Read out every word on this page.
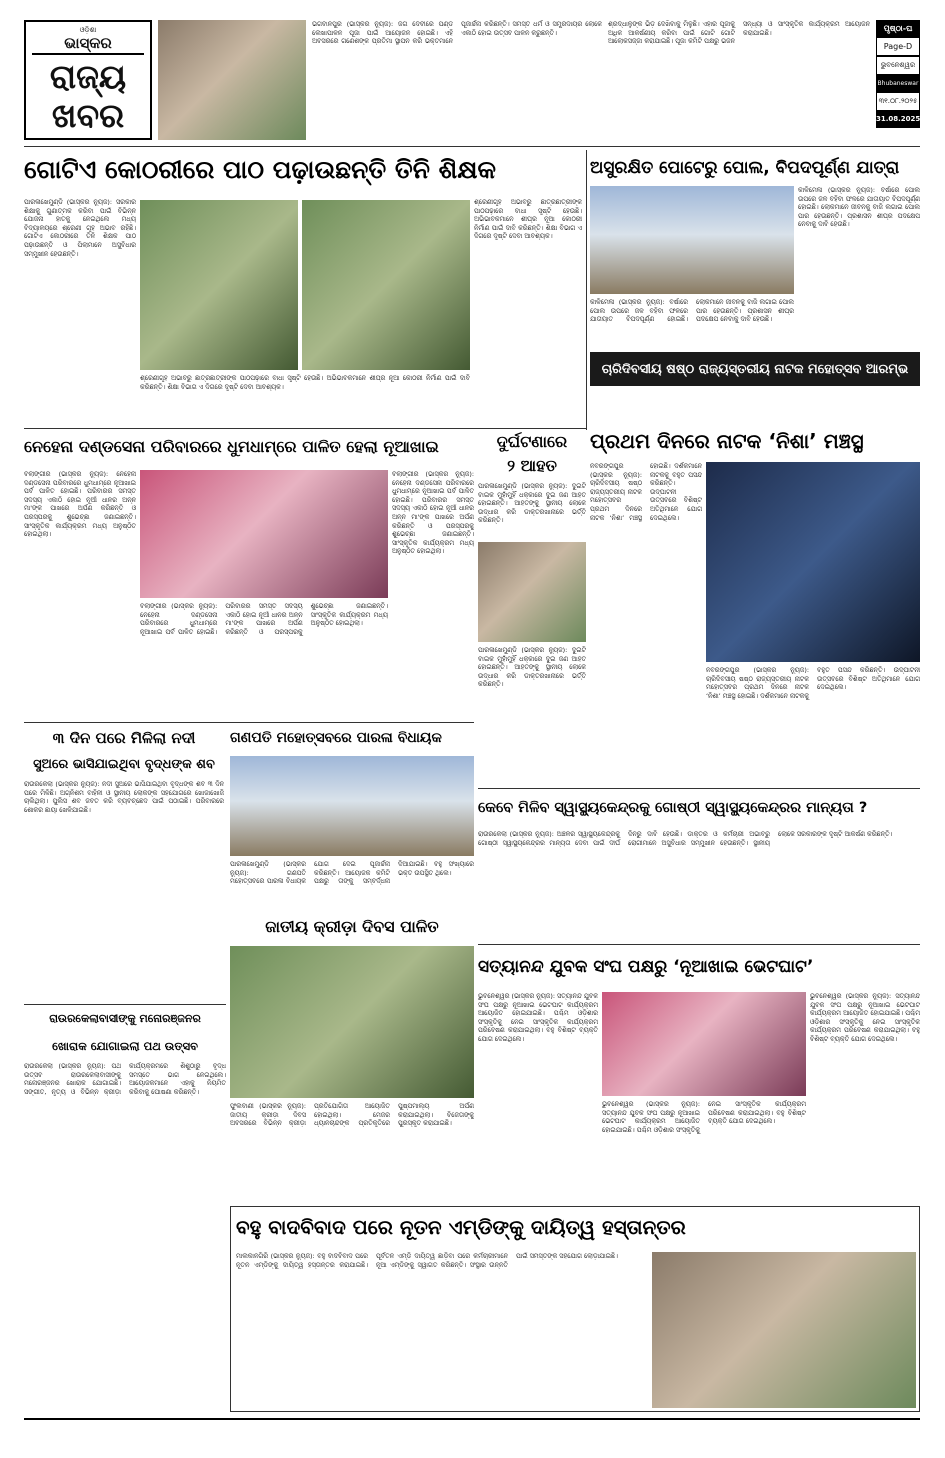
ଓଡ଼ିଶା
ଭାସ୍କର
ରାଜ୍ୟ
ଖବର
ଭଗବାନପୁର (ଭାସ୍କର ନ୍ୟୁଜ): ଜଗ ଦେବୀରେ ପଣ୍ଡ ଲେଖାପାଳନ ପୂଜା ପାଇଁ ଆୟୋଜନ ହୋଇଛି। ଏହି ଅବସରରେ ଗଣେଶଙ୍କ ପ୍ରତିମା ସ୍ଥାପନ କରି ଭକ୍ତମାନେ ପୂଜାର୍ଚ୍ଚନା କରିଛନ୍ତି। ସମସ୍ତ ଧର୍ମ ଓ ସମ୍ପ୍ରଦାୟର ଲୋକେ ଏକାଠି ହୋଇ ଉତ୍ସବ ପାଳନ କରୁଛନ୍ତି।
ଶ୍ରଦ୍ଧାଳୁଙ୍କ ଭିଡ଼ ଦେଖିବାକୁ ମିଳୁଛି। ଏହାର ପୂଜାକୁ ଅଧିକ ଆକର୍ଷଣୀୟ କରିବା ପାଇଁ ଗୋଟି ଗୋଟି ଆଲୋକସଜ୍ଜା କରାଯାଇଛି। ପୂଜା କମିଟି ପକ୍ଷରୁ ଭଜନ ସନ୍ଧ୍ୟା ଓ ସାଂସ୍କୃତିକ କାର୍ଯ୍ୟକ୍ରମ ଆୟୋଜନ କରାଯାଇଛି।	ପୃଷ୍ଠା-ଘ
Page-D
ଭୁବନେଶ୍ୱର
Bhubaneswar
୩୧.୦୮.୨୦୨୫
31.08.2025
ଗୋଟିଏ କୋଠରୀରେ ପାଠ ପଢ଼ାଉଛନ୍ତି ତିନି ଶିକ୍ଷକ	ଅସୁରକ୍ଷିତ ପୋଟେରୁ ପୋଲ, ବିପଦପୂର୍ଣ୍ଣ ଯାତ୍ରା
ପାରଳାଖେମୁଣ୍ଡି (ଭାସ୍କର ନ୍ୟୁଜ): ସରକାର ଶିକ୍ଷାକୁ ଗୁଣାତ୍ମକ କରିବା ପାଇଁ ବିଭିନ୍ନ ଯୋଜନା ହାତକୁ ନେଇଥିଲେ ମଧ୍ୟ ବିଦ୍ୟାଳୟରେ ଶ୍ରେଣୀ ଗୃହ ଅଭାବ ରହିଛି। ଗୋଟିଏ କୋଠରୀରେ ତିନି ଶିକ୍ଷକ ପାଠ ପଢ଼ାଉଛନ୍ତି ଓ ପିଲାମାନେ ଅସୁବିଧାର ସମ୍ମୁଖୀନ ହେଉଛନ୍ତି।
ଶ୍ରେଣୀଗୃହ ଅଭାବରୁ ଛାତ୍ରଛାତ୍ରୀଙ୍କ ପାଠପଢ଼ାରେ ବାଧା ସୃଷ୍ଟି ହେଉଛି। ଅଭିଭାବକମାନେ ଶୀଘ୍ର ନୂଆ କୋଠରୀ ନିର୍ମାଣ ପାଇଁ ଦାବି କରିଛନ୍ତି। ଶିକ୍ଷା ବିଭାଗ ଏ ଦିଗରେ ଦୃଷ୍ଟି ଦେବା ଆବଶ୍ୟକ।
ଶ୍ରେଣୀଗୃହ ଅଭାବରୁ ଛାତ୍ରଛାତ୍ରୀଙ୍କ ପାଠପଢ଼ାରେ ବାଧା ସୃଷ୍ଟି ହେଉଛି। ଅଭିଭାବକମାନେ ଶୀଘ୍ର ନୂଆ କୋଠରୀ ନିର୍ମାଣ ପାଇଁ ଦାବି କରିଛନ୍ତି। ଶିକ୍ଷା ବିଭାଗ ଏ ଦିଗରେ ଦୃଷ୍ଟି ଦେବା ଆବଶ୍ୟକ।
କାଳିମେଳା (ଭାସ୍କର ନ୍ୟୁଜ): ବର୍ଷାରେ ପୋଲ ଉପରେ ଜଳ ବହିବା ଫଳରେ ଯାତାୟାତ ବିପଦପୂର୍ଣ୍ଣ ହୋଇଛି। ଲୋକମାନେ ଜୀବନକୁ ବାଜି ଲଗାଇ ପୋଲ ପାର ହେଉଛନ୍ତି। ପ୍ରଶାସନ ଶୀଘ୍ର ପଦକ୍ଷେପ ନେବାକୁ ଦାବି ହେଉଛି।
କାଳିମେଳା (ଭାସ୍କର ନ୍ୟୁଜ): ବର୍ଷାରେ ପୋଲ ଉପରେ ଜଳ ବହିବା ଫଳରେ ଯାତାୟାତ ବିପଦପୂର୍ଣ୍ଣ ହୋଇଛି। ଲୋକମାନେ ଜୀବନକୁ ବାଜି ଲଗାଇ ପୋଲ ପାର ହେଉଛନ୍ତି। ପ୍ରଶାସନ ଶୀଘ୍ର ପଦକ୍ଷେପ ନେବାକୁ ଦାବି ହେଉଛି।
ଚାରିଦିବସୀୟ ଷଷ୍ଠ ରାଜ୍ୟସ୍ତରୀୟ ନାଟକ ମହୋତ୍ସବ ଆରମ୍ଭ
ନେହେନା ଦଣ୍ଡସେନା ପରିବାରରେ ଧୁମଧାମ୍‌ରେ ପାଳିତ ହେଲା ନୂଆଖାଇ	ଦୁର୍ଘଟଣାରେ
୨ ଆହତ
ପ୍ରଥମ ଦିନରେ ନାଟକ ‘ନିଶା’ ମଞ୍ଚସ୍ଥ
ବଲାଙ୍ଗୀର (ଭାସ୍କର ନ୍ୟୁଜ): ନେହେନା ଦଣ୍ଡସେନା ପରିବାରରେ ଧୁମଧାମ୍‌ରେ ନୂଆଖାଇ ପର୍ବ ପାଳିତ ହୋଇଛି। ପରିବାରର ସମସ୍ତ ସଦସ୍ୟ ଏକାଠି ହୋଇ ନୂଆଁ ଧାନର ଅନ୍ନ ମା'ଙ୍କ ପାଖରେ ଅର୍ପଣ କରିଛନ୍ତି ଓ ପରସ୍ପରକୁ ଶୁଭେଚ୍ଛା ଜଣାଇଛନ୍ତି। ସାଂସ୍କୃତିକ କାର୍ଯ୍ୟକ୍ରମ ମଧ୍ୟ ଅନୁଷ୍ଠିତ ହୋଇଥିଲା।
ବଲାଙ୍ଗୀର (ଭାସ୍କର ନ୍ୟୁଜ): ନେହେନା ଦଣ୍ଡସେନା ପରିବାରରେ ଧୁମଧାମ୍‌ରେ ନୂଆଖାଇ ପର୍ବ ପାଳିତ ହୋଇଛି। ପରିବାରର ସମସ୍ତ ସଦସ୍ୟ ଏକାଠି ହୋଇ ନୂଆଁ ଧାନର ଅନ୍ନ ମା'ଙ୍କ ପାଖରେ ଅର୍ପଣ କରିଛନ୍ତି ଓ ପରସ୍ପରକୁ ଶୁଭେଚ୍ଛା ଜଣାଇଛନ୍ତି। ସାଂସ୍କୃତିକ କାର୍ଯ୍ୟକ୍ରମ ମଧ୍ୟ ଅନୁଷ୍ଠିତ ହୋଇଥିଲା।
ବଲାଙ୍ଗୀର (ଭାସ୍କର ନ୍ୟୁଜ): ନେହେନା ଦଣ୍ଡସେନା ପରିବାରରେ ଧୁମଧାମ୍‌ରେ ନୂଆଖାଇ ପର୍ବ ପାଳିତ ହୋଇଛି। ପରିବାରର ସମସ୍ତ ସଦସ୍ୟ ଏକାଠି ହୋଇ ନୂଆଁ ଧାନର ଅନ୍ନ ମା'ଙ୍କ ପାଖରେ ଅର୍ପଣ କରିଛନ୍ତି ଓ ପରସ୍ପରକୁ ଶୁଭେଚ୍ଛା ଜଣାଇଛନ୍ତି। ସାଂସ୍କୃତିକ କାର୍ଯ୍ୟକ୍ରମ ମଧ୍ୟ ଅନୁଷ୍ଠିତ ହୋଇଥିଲା।
ପାରଳାଖେମୁଣ୍ଡି (ଭାସ୍କର ନ୍ୟୁଜ): ଦୁଇଟି ବାଇକ ମୁହାଁମୁହିଁ ଧକ୍କାରେ ଦୁଇ ଜଣ ଆହତ ହୋଇଛନ୍ତି। ଆହତଙ୍କୁ ସ୍ଥାନୀୟ ଲୋକେ ଉଦ୍ଧାର କରି ଡାକ୍ତରଖାନାରେ ଭର୍ତ୍ତି କରିଛନ୍ତି।
ପାରଳାଖେମୁଣ୍ଡି (ଭାସ୍କର ନ୍ୟୁଜ): ଦୁଇଟି ବାଇକ ମୁହାଁମୁହିଁ ଧକ୍କାରେ ଦୁଇ ଜଣ ଆହତ ହୋଇଛନ୍ତି। ଆହତଙ୍କୁ ସ୍ଥାନୀୟ ଲୋକେ ଉଦ୍ଧାର କରି ଡାକ୍ତରଖାନାରେ ଭର୍ତ୍ତି କରିଛନ୍ତି।
ନବରଙ୍ଗପୁର (ଭାସ୍କର ନ୍ୟୁଜ): ଚାରିଦିବସୀୟ ଷଷ୍ଠ ରାଜ୍ୟସ୍ତରୀୟ ନାଟକ ମହୋତ୍ସବର ପ୍ରଥମ ଦିନରେ ନାଟକ ‘ନିଶା’ ମଞ୍ଚସ୍ଥ ହୋଇଛି। ଦର୍ଶକମାନେ ନାଟକକୁ ବହୁତ ପସନ୍ଦ କରିଛନ୍ତି। ଉଦ୍‌ଘାଟନୀ ଉତ୍ସବରେ ବିଶିଷ୍ଟ ଅତିଥିମାନେ ଯୋଗ ଦେଇଥିଲେ।
ନବରଙ୍ଗପୁର (ଭାସ୍କର ନ୍ୟୁଜ): ଚାରିଦିବସୀୟ ଷଷ୍ଠ ରାଜ୍ୟସ୍ତରୀୟ ନାଟକ ମହୋତ୍ସବର ପ୍ରଥମ ଦିନରେ ନାଟକ ‘ନିଶା’ ମଞ୍ଚସ୍ଥ ହୋଇଛି। ଦର୍ଶକମାନେ ନାଟକକୁ ବହୁତ ପସନ୍ଦ କରିଛନ୍ତି। ଉଦ୍‌ଘାଟନୀ ଉତ୍ସବରେ ବିଶିଷ୍ଟ ଅତିଥିମାନେ ଯୋଗ ଦେଇଥିଲେ।
୩ ଦିନ ପରେ ମିଳିଲା ନଦୀ
ସୁଅରେ ଭାସିଯାଇଥିବା ବୃଦ୍ଧଙ୍କ ଶବ
ରାଉରକେଲା (ଭାସ୍କର ନ୍ୟୁଜ): ନଦୀ ସୁଅରେ ଭାସିଯାଇଥିବା ବୃଦ୍ଧଙ୍କ ଶବ ୩ ଦିନ ପରେ ମିଳିଛି। ଅଗ୍ନିଶମ ବାହିନୀ ଓ ସ୍ଥାନୀୟ ଲୋକଙ୍କ ସହଯୋଗରେ ଖୋଜାଖୋଜି ଚାଲିଥିଲା। ପୁଲିସ ଶବ ଜବତ କରି ବ୍ୟବଚ୍ଛେଦ ପାଇଁ ପଠାଇଛି। ପରିବାରରେ ଶୋକର ଛାୟା ଖେଳିଯାଇଛି।
ଗଣପତି ମହୋତ୍ସବରେ ପାରଳା ବିଧାୟକ
ପାରଳାଖେମୁଣ୍ଡି (ଭାସ୍କର ନ୍ୟୁଜ): ଗଣପତି ମହୋତ୍ସବରେ ପାରଳା ବିଧାୟକ ଯୋଗ ଦେଇ ପୂଜାର୍ଚ୍ଚନା କରିଛନ୍ତି। ଆୟୋଜକ କମିଟି ପକ୍ଷରୁ ତାଙ୍କୁ ସମ୍ବର୍ଦ୍ଧନା ଦିଆଯାଇଛି। ବହୁ ସଂଖ୍ୟାରେ ଭକ୍ତ ଉପସ୍ଥିତ ଥିଲେ।
କେବେ ମିଳିବ ସ୍ୱାସ୍ଥ୍ୟକେନ୍ଦ୍ରକୁ ଗୋଷ୍ଠୀ ସ୍ୱାସ୍ଥ୍ୟକେନ୍ଦ୍ରର ମାନ୍ୟତା ?
ରାଉରକେଲା (ଭାସ୍କର ନ୍ୟୁଜ): ଅଞ୍ଚଳର ସ୍ୱାସ୍ଥ୍ୟକେନ୍ଦ୍ରକୁ ଗୋଷ୍ଠୀ ସ୍ୱାସ୍ଥ୍ୟକେନ୍ଦ୍ରର ମାନ୍ୟତା ଦେବା ପାଇଁ ଦୀର୍ଘ ଦିନରୁ ଦାବି ହେଉଛି। ଡାକ୍ତର ଓ କର୍ମଚାରୀ ଅଭାବରୁ ରୋଗୀମାନେ ଅସୁବିଧାର ସମ୍ମୁଖୀନ ହେଉଛନ୍ତି। ସ୍ଥାନୀୟ ଲୋକେ ସରକାରଙ୍କ ଦୃଷ୍ଟି ଆକର୍ଷଣ କରିଛନ୍ତି।
ଜାତୀୟ କ୍ରୀଡ଼ା ଦିବସ ପାଳିତ
ରାଉରକେଲାବାସୀଙ୍କୁ ମନୋରଞ୍ଜନର
ଖୋରାକ ଯୋଗାଇଲା ପଥ ଉତ୍ସବ
ରାଉରକେଲା (ଭାସ୍କର ନ୍ୟୁଜ): ପଥ ଉତ୍ସବ ରାଉରକେଲାବାସୀଙ୍କୁ ମନୋରଞ୍ଜନର ଖୋରାକ ଯୋଗାଇଛି। ସଙ୍ଗୀତ, ନୃତ୍ୟ ଓ ବିଭିନ୍ନ କ୍ରୀଡ଼ା କାର୍ଯ୍ୟକ୍ରମରେ ଶିଶୁଠାରୁ ବୃଦ୍ଧ ସମସ୍ତେ ଭାଗ ନେଇଥିଲେ। ଆୟୋଜକମାନେ ଏହାକୁ ନିୟମିତ କରିବାକୁ ଘୋଷଣା କରିଛନ୍ତି।
ଫୁଲବାଣୀ (ଭାସ୍କର ନ୍ୟୁଜ): ଜାତୀୟ କ୍ରୀଡ଼ା ଦିବସ ଅବସରରେ ବିଭିନ୍ନ କ୍ରୀଡ଼ା ପ୍ରତିଯୋଗିତା ଆୟୋଜିତ ହୋଇଥିଲା। ମେଜର ଧ୍ୟାନଚାନ୍ଦଙ୍କ ପ୍ରତିକୃତିରେ ପୁଷ୍ପମାଲ୍ୟ ଅର୍ପଣ କରାଯାଇଥିଲା। ବିଜେତାଙ୍କୁ ପୁରସ୍କୃତ କରାଯାଇଛି।
ସତ୍ୟାନନ୍ଦ ଯୁବକ ସଂଘ ପକ୍ଷରୁ ‘ନୂଆଖାଇ ଭେଟଘାଟ’
ଭୁବନେଶ୍ୱର (ଭାସ୍କର ନ୍ୟୁଜ): ସତ୍ୟାନନ୍ଦ ଯୁବକ ସଂଘ ପକ୍ଷରୁ ନୂଆଖାଇ ଭେଟଘାଟ କାର୍ଯ୍ୟକ୍ରମ ଆୟୋଜିତ ହୋଇଯାଇଛି। ପଶ୍ଚିମ ଓଡ଼ିଶାର ସଂସ୍କୃତିକୁ ନେଇ ସାଂସ୍କୃତିକ କାର୍ଯ୍ୟକ୍ରମ ପରିବେଷଣ କରାଯାଇଥିଲା। ବହୁ ବିଶିଷ୍ଟ ବ୍ୟକ୍ତି ଯୋଗ ଦେଇଥିଲେ।
ଭୁବନେଶ୍ୱର (ଭାସ୍କର ନ୍ୟୁଜ): ସତ୍ୟାନନ୍ଦ ଯୁବକ ସଂଘ ପକ୍ଷରୁ ନୂଆଖାଇ ଭେଟଘାଟ କାର୍ଯ୍ୟକ୍ରମ ଆୟୋଜିତ ହୋଇଯାଇଛି। ପଶ୍ଚିମ ଓଡ଼ିଶାର ସଂସ୍କୃତିକୁ ନେଇ ସାଂସ୍କୃତିକ କାର୍ଯ୍ୟକ୍ରମ ପରିବେଷଣ କରାଯାଇଥିଲା। ବହୁ ବିଶିଷ୍ଟ ବ୍ୟକ୍ତି ଯୋଗ ଦେଇଥିଲେ।
ଭୁବନେଶ୍ୱର (ଭାସ୍କର ନ୍ୟୁଜ): ସତ୍ୟାନନ୍ଦ ଯୁବକ ସଂଘ ପକ୍ଷରୁ ନୂଆଖାଇ ଭେଟଘାଟ କାର୍ଯ୍ୟକ୍ରମ ଆୟୋଜିତ ହୋଇଯାଇଛି। ପଶ୍ଚିମ ଓଡ଼ିଶାର ସଂସ୍କୃତିକୁ ନେଇ ସାଂସ୍କୃତିକ କାର୍ଯ୍ୟକ୍ରମ ପରିବେଷଣ କରାଯାଇଥିଲା। ବହୁ ବିଶିଷ୍ଟ ବ୍ୟକ୍ତି ଯୋଗ ଦେଇଥିଲେ।
ବହୁ ବାଦବିବାଦ ପରେ ନୂତନ ଏମ୍‌ଡିଙ୍କୁ ଦାୟିତ୍ୱ ହସ୍ତାନ୍ତର
ମାଲକାନଗିରି (ଭାସ୍କର ନ୍ୟୁଜ): ବହୁ ବାଦବିବାଦ ପରେ ନୂତନ ଏମ୍‌ଡିଙ୍କୁ ଦାୟିତ୍ୱ ହସ୍ତାନ୍ତର କରାଯାଇଛି। ପୂର୍ବତନ ଏମ୍‌ଡି ଦାୟିତ୍ୱ ଛାଡ଼ିବା ପରେ କର୍ମଚାରୀମାନେ ନୂଆ ଏମ୍‌ଡିଙ୍କୁ ସ୍ୱାଗତ କରିଛନ୍ତି। ସଂସ୍ଥାର ଉନ୍ନତି ପାଇଁ ସମସ୍ତଙ୍କ ସହଯୋଗ ଲୋଡ଼ାଯାଇଛି।
